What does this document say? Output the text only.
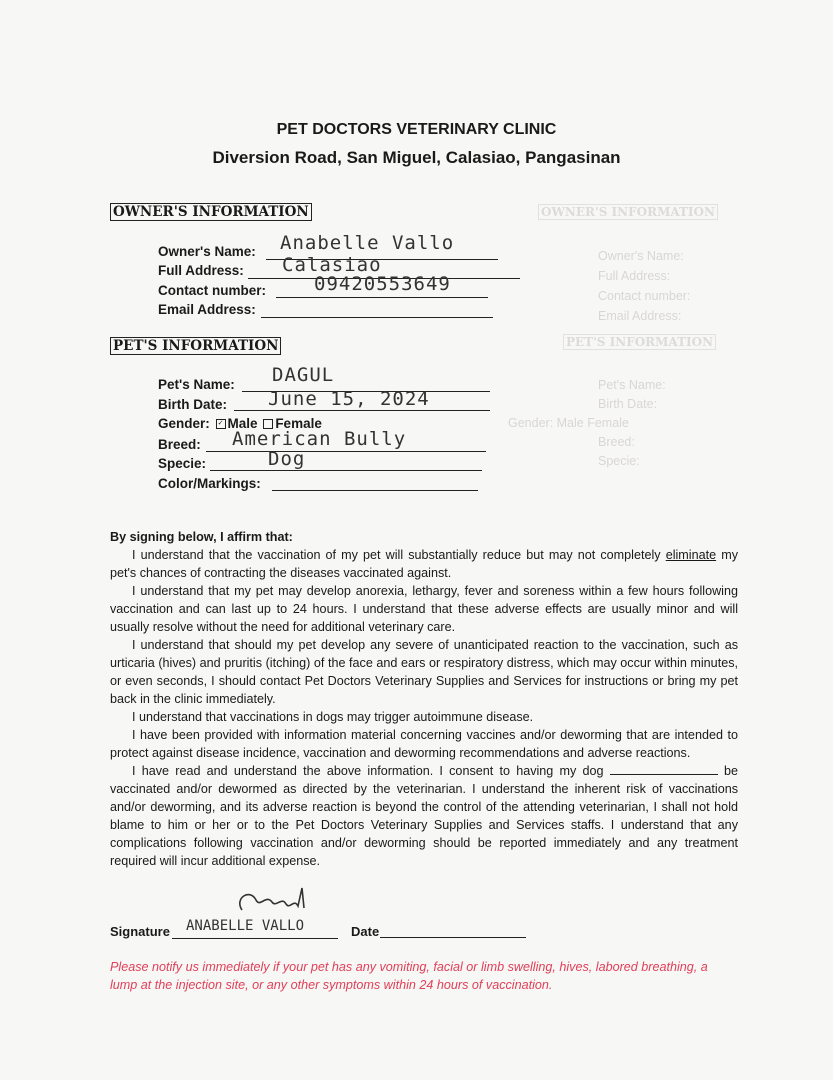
PET DOCTORS VETERINARY CLINIC
Diversion Road, San Miguel, Calasiao, Pangasinan
OWNER'S INFORMATION
Owner's Name:
Full Address:
Contact number:
Email Address:
PET'S INFORMATION
Pet's Name:
Birth Date:
Gender: Male Female
Breed:
Specie:
OWNER'S INFORMATION
Owner's Name: Anabelle Vallo
Full Address: Calasiao
Contact number:	09420553649
Email Address:
PET'S INFORMATION
Pet's Name: DAGUL
Birth Date: June 15, 2024
Gender: ✓ Male Female
Breed: American Bully
Specie:	Dog
Color/Markings:

By signing below, I affirm that:

I understand that the vaccination of my pet will substantially reduce but may not completely eliminate my pet's chances of contracting the diseases vaccinated against.

I understand that my pet may develop anorexia, lethargy, fever and soreness within a few hours following vaccination and can last up to 24 hours. I understand that these adverse effects are usually minor and will usually resolve without the need for additional veterinary care.

I understand that should my pet develop any severe of unanticipated reaction to the vaccination, such as urticaria (hives) and pruritis (itching) of the face and ears or respiratory distress, which may occur within minutes, or even seconds, I should contact Pet Doctors Veterinary Supplies and Services for instructions or bring my pet back in the clinic immediately.

I understand that vaccinations in dogs may trigger autoimmune disease.

I have been provided with information material concerning vaccines and/or deworming that are intended to protect against disease incidence, vaccination and deworming recommendations and adverse reactions.

I have read and understand the above information. I consent to having my dog	be vaccinated and/or dewormed as directed by the veterinarian. I understand the inherent risk of vaccinations and/or deworming, and its adverse reaction is beyond the control of the attending veterinarian, I shall not hold blame to him or her or to the Pet Doctors Veterinary Supplies and Services staffs. I understand that any complications following vaccination and/or deworming should be reported immediately and any treatment required will incur additional expense.

Signature ANABELLE VALLO	Date
Please notify us immediately if your pet has any vomiting, facial or limb swelling, hives, labored breathing, a lump at the injection site, or any other symptoms within 24 hours of vaccination.
